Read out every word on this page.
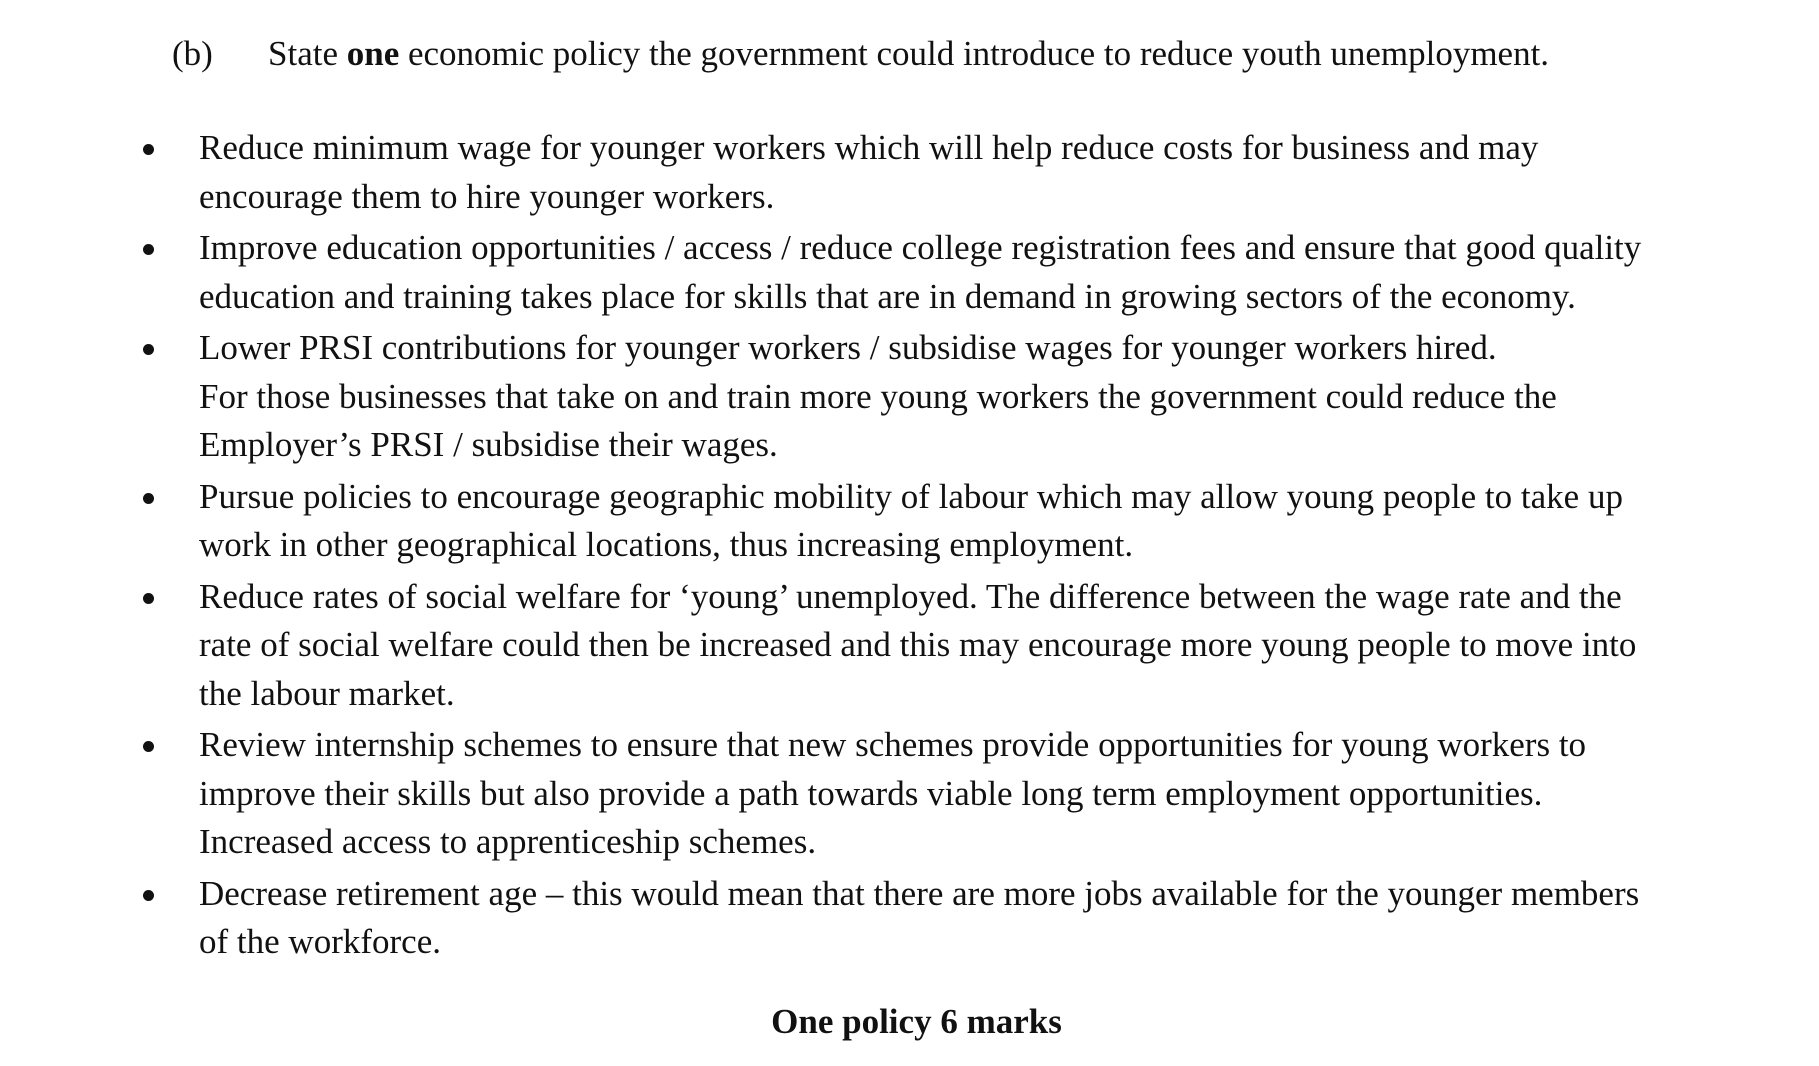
(b) State one economic policy the government could introduce to reduce youth unemployment.
Reduce minimum wage for younger workers which will help reduce costs for business and may
encourage them to hire younger workers.
Improve education opportunities / access / reduce college registration fees and ensure that good quality
education and training takes place for skills that are in demand in growing sectors of the economy.
Lower PRSI contributions for younger workers / subsidise wages for younger workers hired.
For those businesses that take on and train more young workers the government could reduce the
Employer’s PRSI / subsidise their wages.
Pursue policies to encourage geographic mobility of labour which may allow young people to take up
work in other geographical locations, thus increasing employment.
Reduce rates of social welfare for ‘young’ unemployed. The difference between the wage rate and the
rate of social welfare could then be increased and this may encourage more young people to move into
the labour market.
Review internship schemes to ensure that new schemes provide opportunities for young workers to
improve their skills but also provide a path towards viable long term employment opportunities.
Increased access to apprenticeship schemes.
Decrease retirement age – this would mean that there are more jobs available for the younger members
of the workforce.
One policy 6 marks
